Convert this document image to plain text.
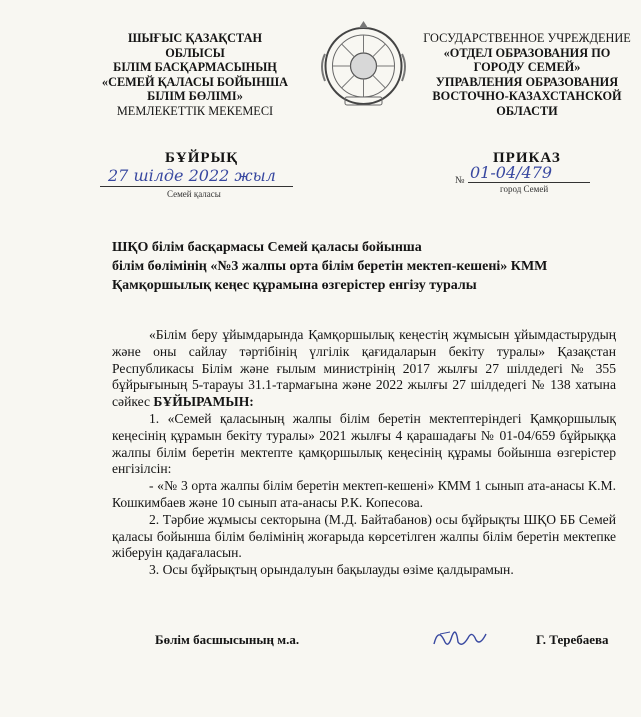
ШЫҒЫС ҚАЗАҚСТАН
ОБЛЫСЫ
БІЛІМ БАСҚАРМАСЫНЫҢ
«СЕМЕЙ ҚАЛАСЫ БОЙЫНША
БІЛІМ БӨЛІМІ»
МЕМЛЕКЕТТІК МЕКЕМЕСІ
ГОСУДАРСТВЕННОЕ УЧРЕЖДЕНИЕ
«ОТДЕЛ ОБРАЗОВАНИЯ ПО
ГОРОДУ СЕМЕЙ»
УПРАВЛЕНИЯ ОБРАЗОВАНИЯ
ВОСТОЧНО-КАЗАХСТАНСКОЙ
ОБЛАСТИ
БҰЙРЫҚ	ПРИКАЗ
27 шілде 2022 жыл
Семей қаласы
№ 01-04/479
город Семей
ШҚО білім басқармасы Семей қаласы бойынша
білім бөлімінің «№3 жалпы орта білім беретін мектеп-кешені» КММ
Қамқоршылық кеңес құрамына өзгерістер енгізу туралы

«Білім беру ұйымдарында Қамқоршылық кеңестің жұмысын ұйымдастырудың және оны сайлау тәртібінің үлгілік қағидаларын бекіту туралы» Қазақстан Республикасы Білім және ғылым министрінің 2017 жылғы 27 шілдедегі № 355 бұйрығының 5-тарауы 31.1-тармағына және 2022 жылғы 27 шілдедегі № 138 хатына сәйкес БҰЙЫРАМЫН:

1. «Семей қаласының жалпы білім беретін мектептеріндегі Қамқоршылық кеңесінің құрамын бекіту туралы» 2021 жылғы 4 қарашадағы № 01-04/659 бұйрыққа жалпы білім беретін мектепте қамқоршылық кеңесінің құрамы бойынша өзгерістер енгізілсін:

- «№ 3 орта жалпы білім беретін мектеп-кешені» КММ 1 сынып ата-анасы К.М. Кошкимбаев және 10 сынып ата-анасы Р.К. Копесова.

2. Тәрбие жұмысы секторына (М.Д. Байтабанов) осы бұйрықты ШҚО ББ Семей қаласы бойынша білім бөлімінің жоғарыда көрсетілген жалпы білім беретін мектепке жіберуін қадағаласын.

3. Осы бұйрықтың орындалуын бақылауды өзіме қалдырамын.

Бөлім басшысының м.а.	Г. Теребаева
